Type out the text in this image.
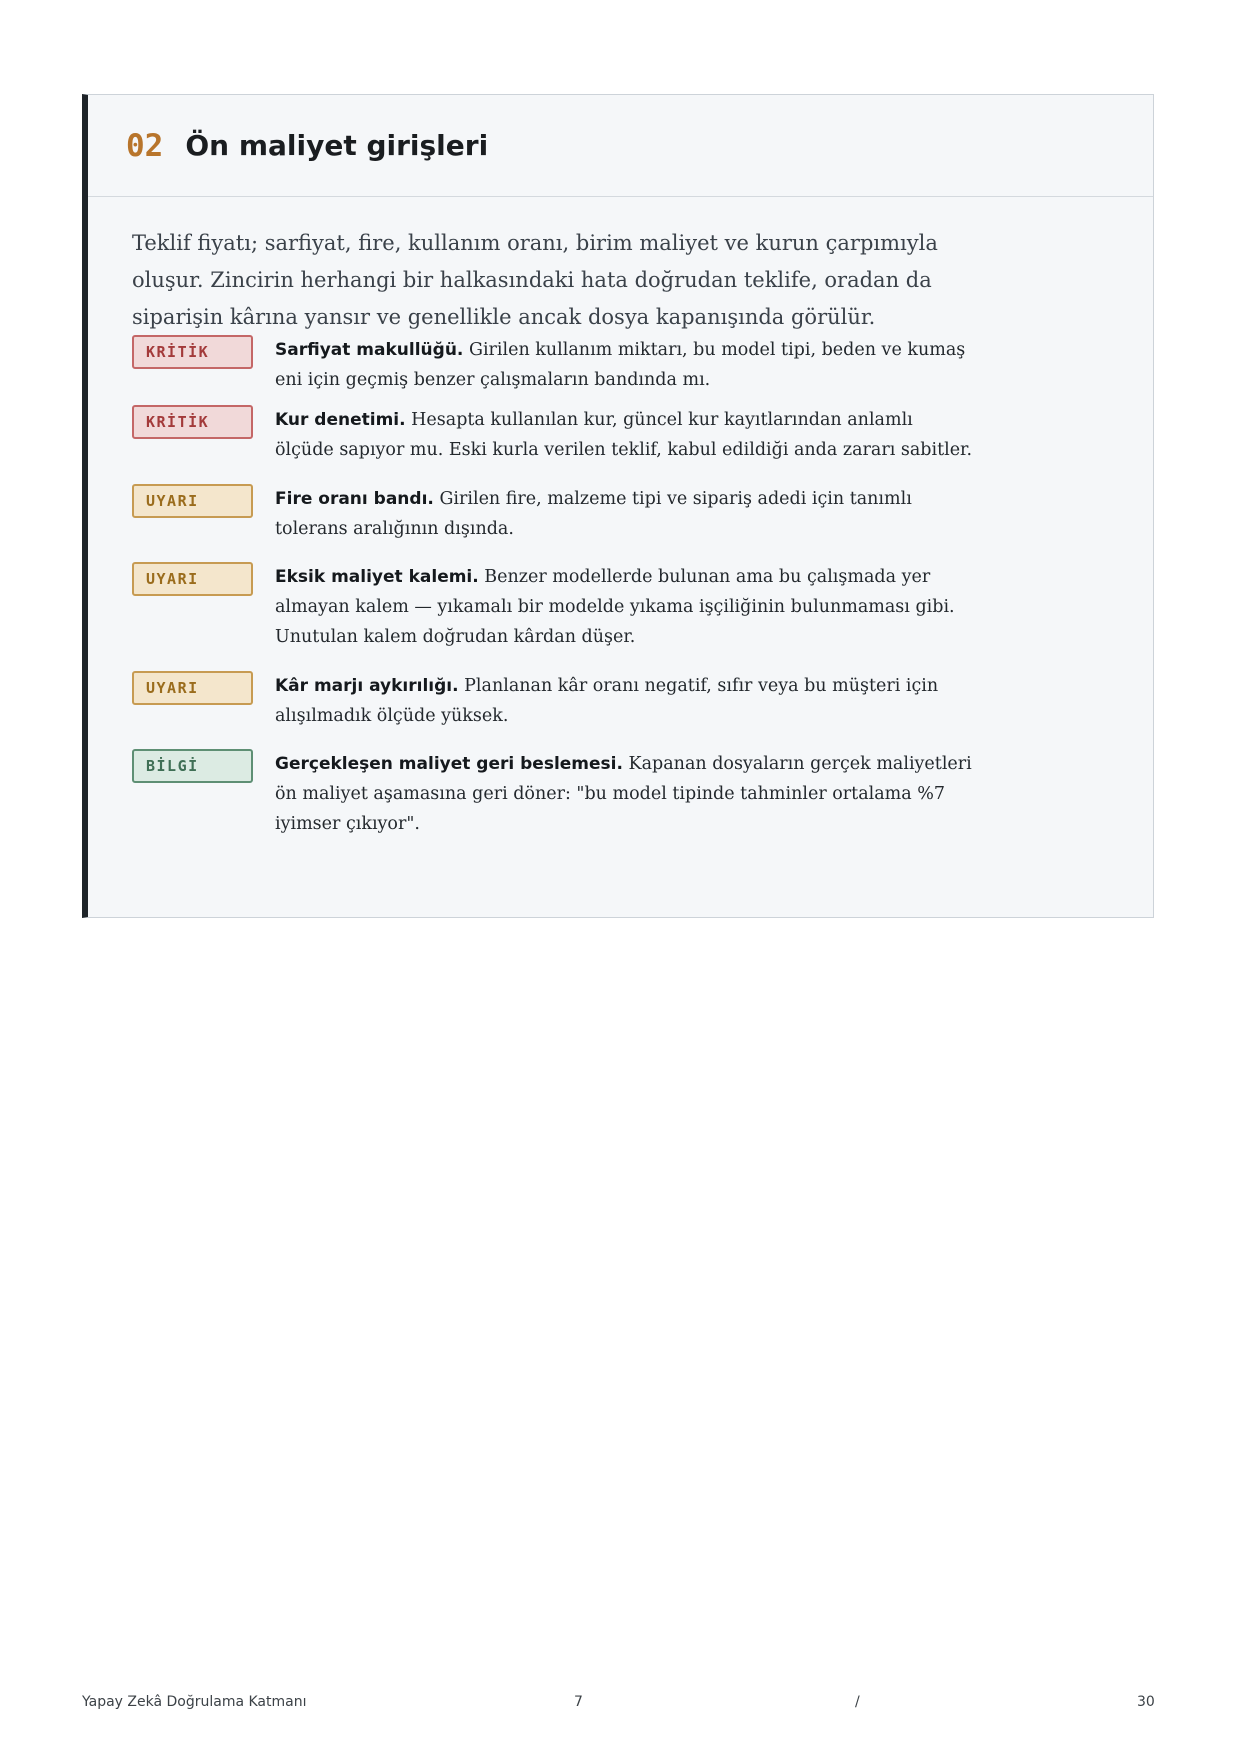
02 Ön maliyet girişleri

Teklif fiyatı; sarfiyat, fire, kullanım oranı, birim maliyet ve kurun çarpımıyla oluşur. Zincirin herhangi bir halkasındaki hata doğrudan teklife, oradan da siparişin kârına yansır ve genellikle ancak dosya kapanışında görülür.

KRİTİK	Sarfiyat makullüğü. Girilen kullanım miktarı, bu model tipi, beden ve kumaş eni için geçmiş benzer çalışmaların bandında mı.

KRİTİK	Kur denetimi. Hesapta kullanılan kur, güncel kur kayıtlarından anlamlı ölçüde sapıyor mu. Eski kurla verilen teklif, kabul edildiği anda zararı sabitler.

UYARI	Fire oranı bandı. Girilen fire, malzeme tipi ve sipariş adedi için tanımlı tolerans aralığının dışında.

UYARI	Eksik maliyet kalemi. Benzer modellerde bulunan ama bu çalışmada yer almayan kalem — yıkamalı bir modelde yıkama işçiliğinin bulunmaması gibi. Unutulan kalem doğrudan kârdan düşer.

UYARI	Kâr marjı aykırılığı. Planlanan kâr oranı negatif, sıfır veya bu müşteri için alışılmadık ölçüde yüksek.

BİLGİ	Gerçekleşen maliyet geri beslemesi. Kapanan dosyaların gerçek maliyetleri ön maliyet aşamasına geri döner: "bu model tipinde tahminler ortalama %7 iyimser çıkıyor".

Yapay Zekâ Doğrulama Katmanı	7	/	30
